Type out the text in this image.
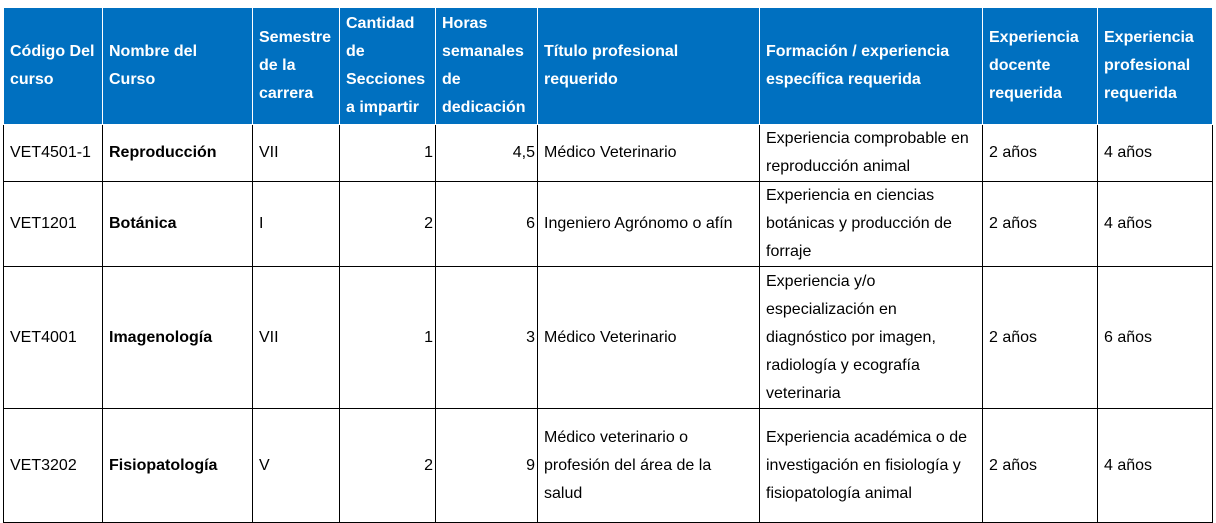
Código Del curso	Nombre del Curso	Semestre de la carrera	Cantidad de Secciones a impartir	Horas semanales de dedicación	Título profesional requerido	Formación / experiencia específica requerida	Experiencia docente requerida	Experiencia profesional requerida
VET4501-1	Reproducción	VII	1	4,5	Médico Veterinario	Experiencia comprobable en reproducción animal	2 años	4 años
VET1201	Botánica	I	2	6	Ingeniero Agrónomo o afín	Experiencia en ciencias botánicas y producción de forraje	2 años	4 años
VET4001	Imagenología	VII	1	3	Médico Veterinario	Experiencia y/o especialización en diagnóstico por imagen, radiología y ecografía veterinaria	2 años	6 años
VET3202	Fisiopatología	V	2	9	Médico veterinario o profesión del área de la salud	Experiencia académica o de investigación en fisiología y fisiopatología animal	2 años	4 años
